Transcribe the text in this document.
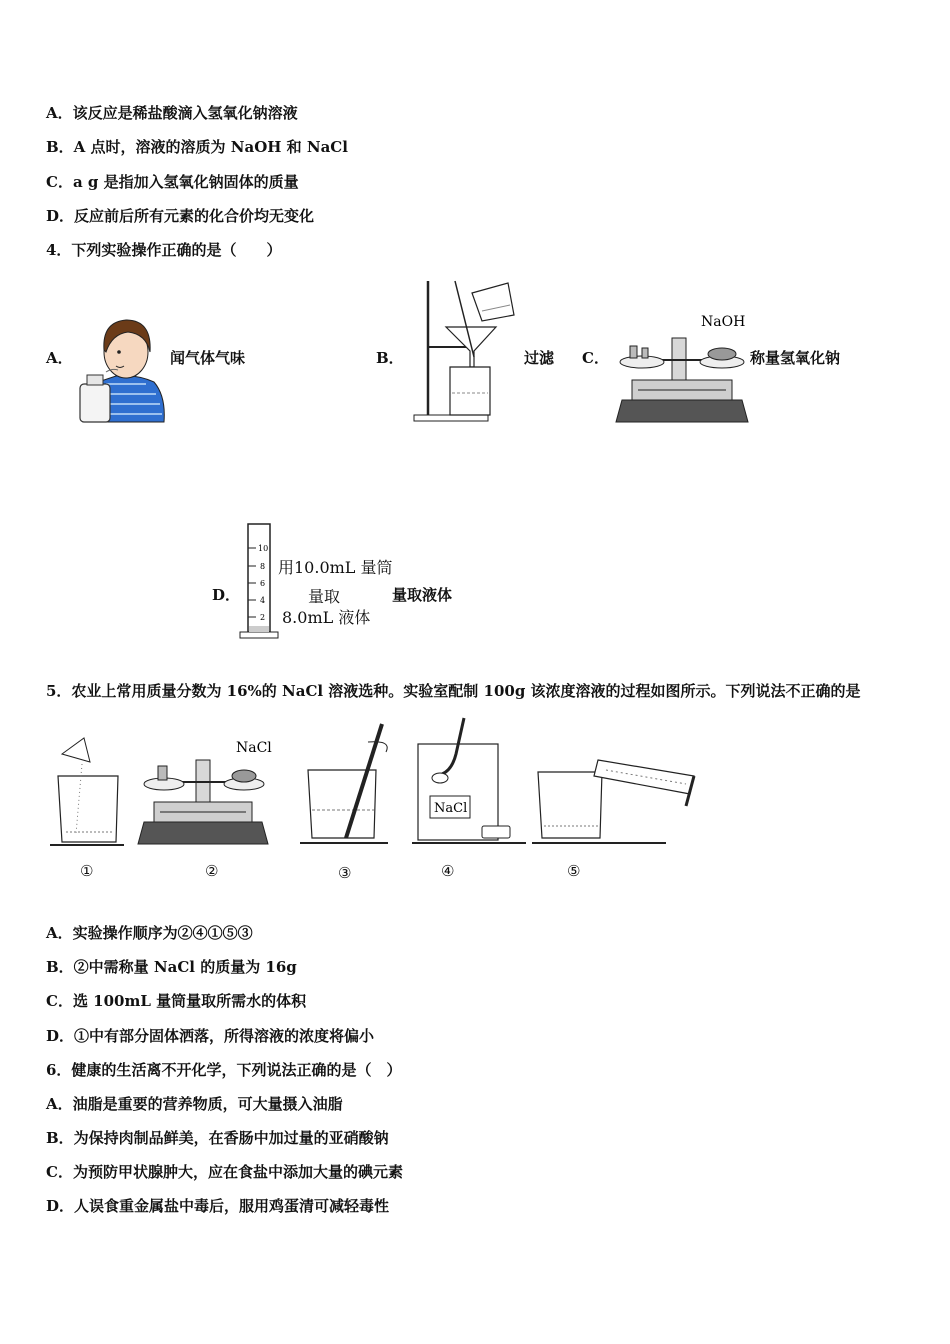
A．该反应是稀盐酸滴入氢氧化钠溶液
B．A 点时，溶液的溶质为 NaOH 和 NaCl
C．a g 是指加入氢氧化钠固体的质量
D．反应前后所有元素的化合价均无变化
4．下列实验操作正确的是（　　）
A．	闻气体气味	B．	过滤 C．
NaOH
称量氢氧化钠
D．
10
8
6
4
2
用10.0mL 量筒
量取
8.0mL 液体
量取液体
5．农业上常用质量分数为 16%的 NaCl 溶液选种。实验室配制 100g 该浓度溶液的过程如图所示。下列说法不正确的是
NaCl
NaCl
①	②	③	④	⑤
A．实验操作顺序为②④①⑤③
B．②中需称量 NaCl 的质量为 16g
C．选 100mL 量筒量取所需水的体积
D．①中有部分固体洒落，所得溶液的浓度将偏小
6．健康的生活离不开化学，下列说法正确的是（　）
A．油脂是重要的营养物质，可大量摄入油脂
B．为保持肉制品鲜美，在香肠中加过量的亚硝酸钠
C．为预防甲状腺肿大，应在食盐中添加大量的碘元素
D．人误食重金属盐中毒后，服用鸡蛋清可减轻毒性
